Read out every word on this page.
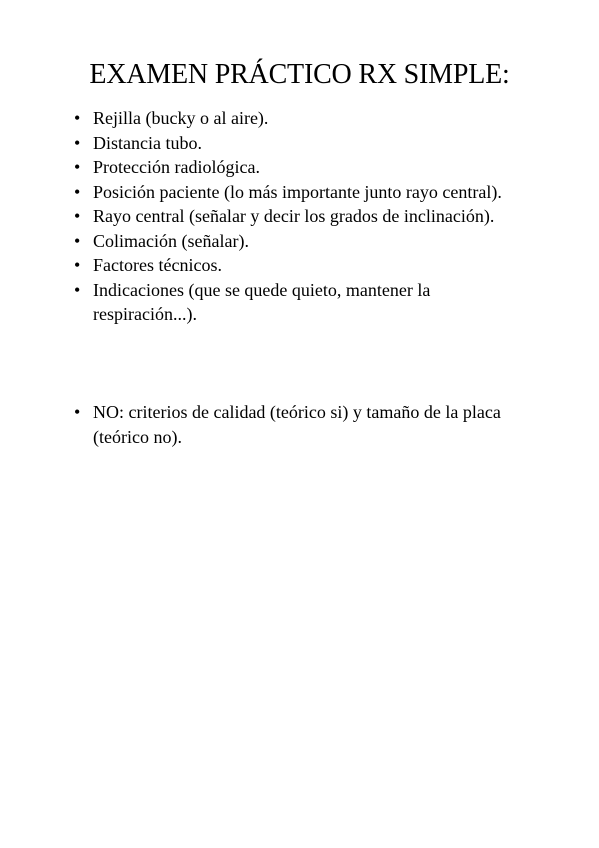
EXAMEN PRÁCTICO RX SIMPLE:
• Rejilla (bucky o al aire).
• Distancia tubo.
• Protección radiológica.
• Posición paciente (lo más importante junto rayo central).
• Rayo central (señalar y decir los grados de inclinación).
• Colimación (señalar).
• Factores técnicos.
• Indicaciones (que se quede quieto, mantener la respiración...).
• NO: criterios de calidad (teórico si) y tamaño de la placa (teórico no).
